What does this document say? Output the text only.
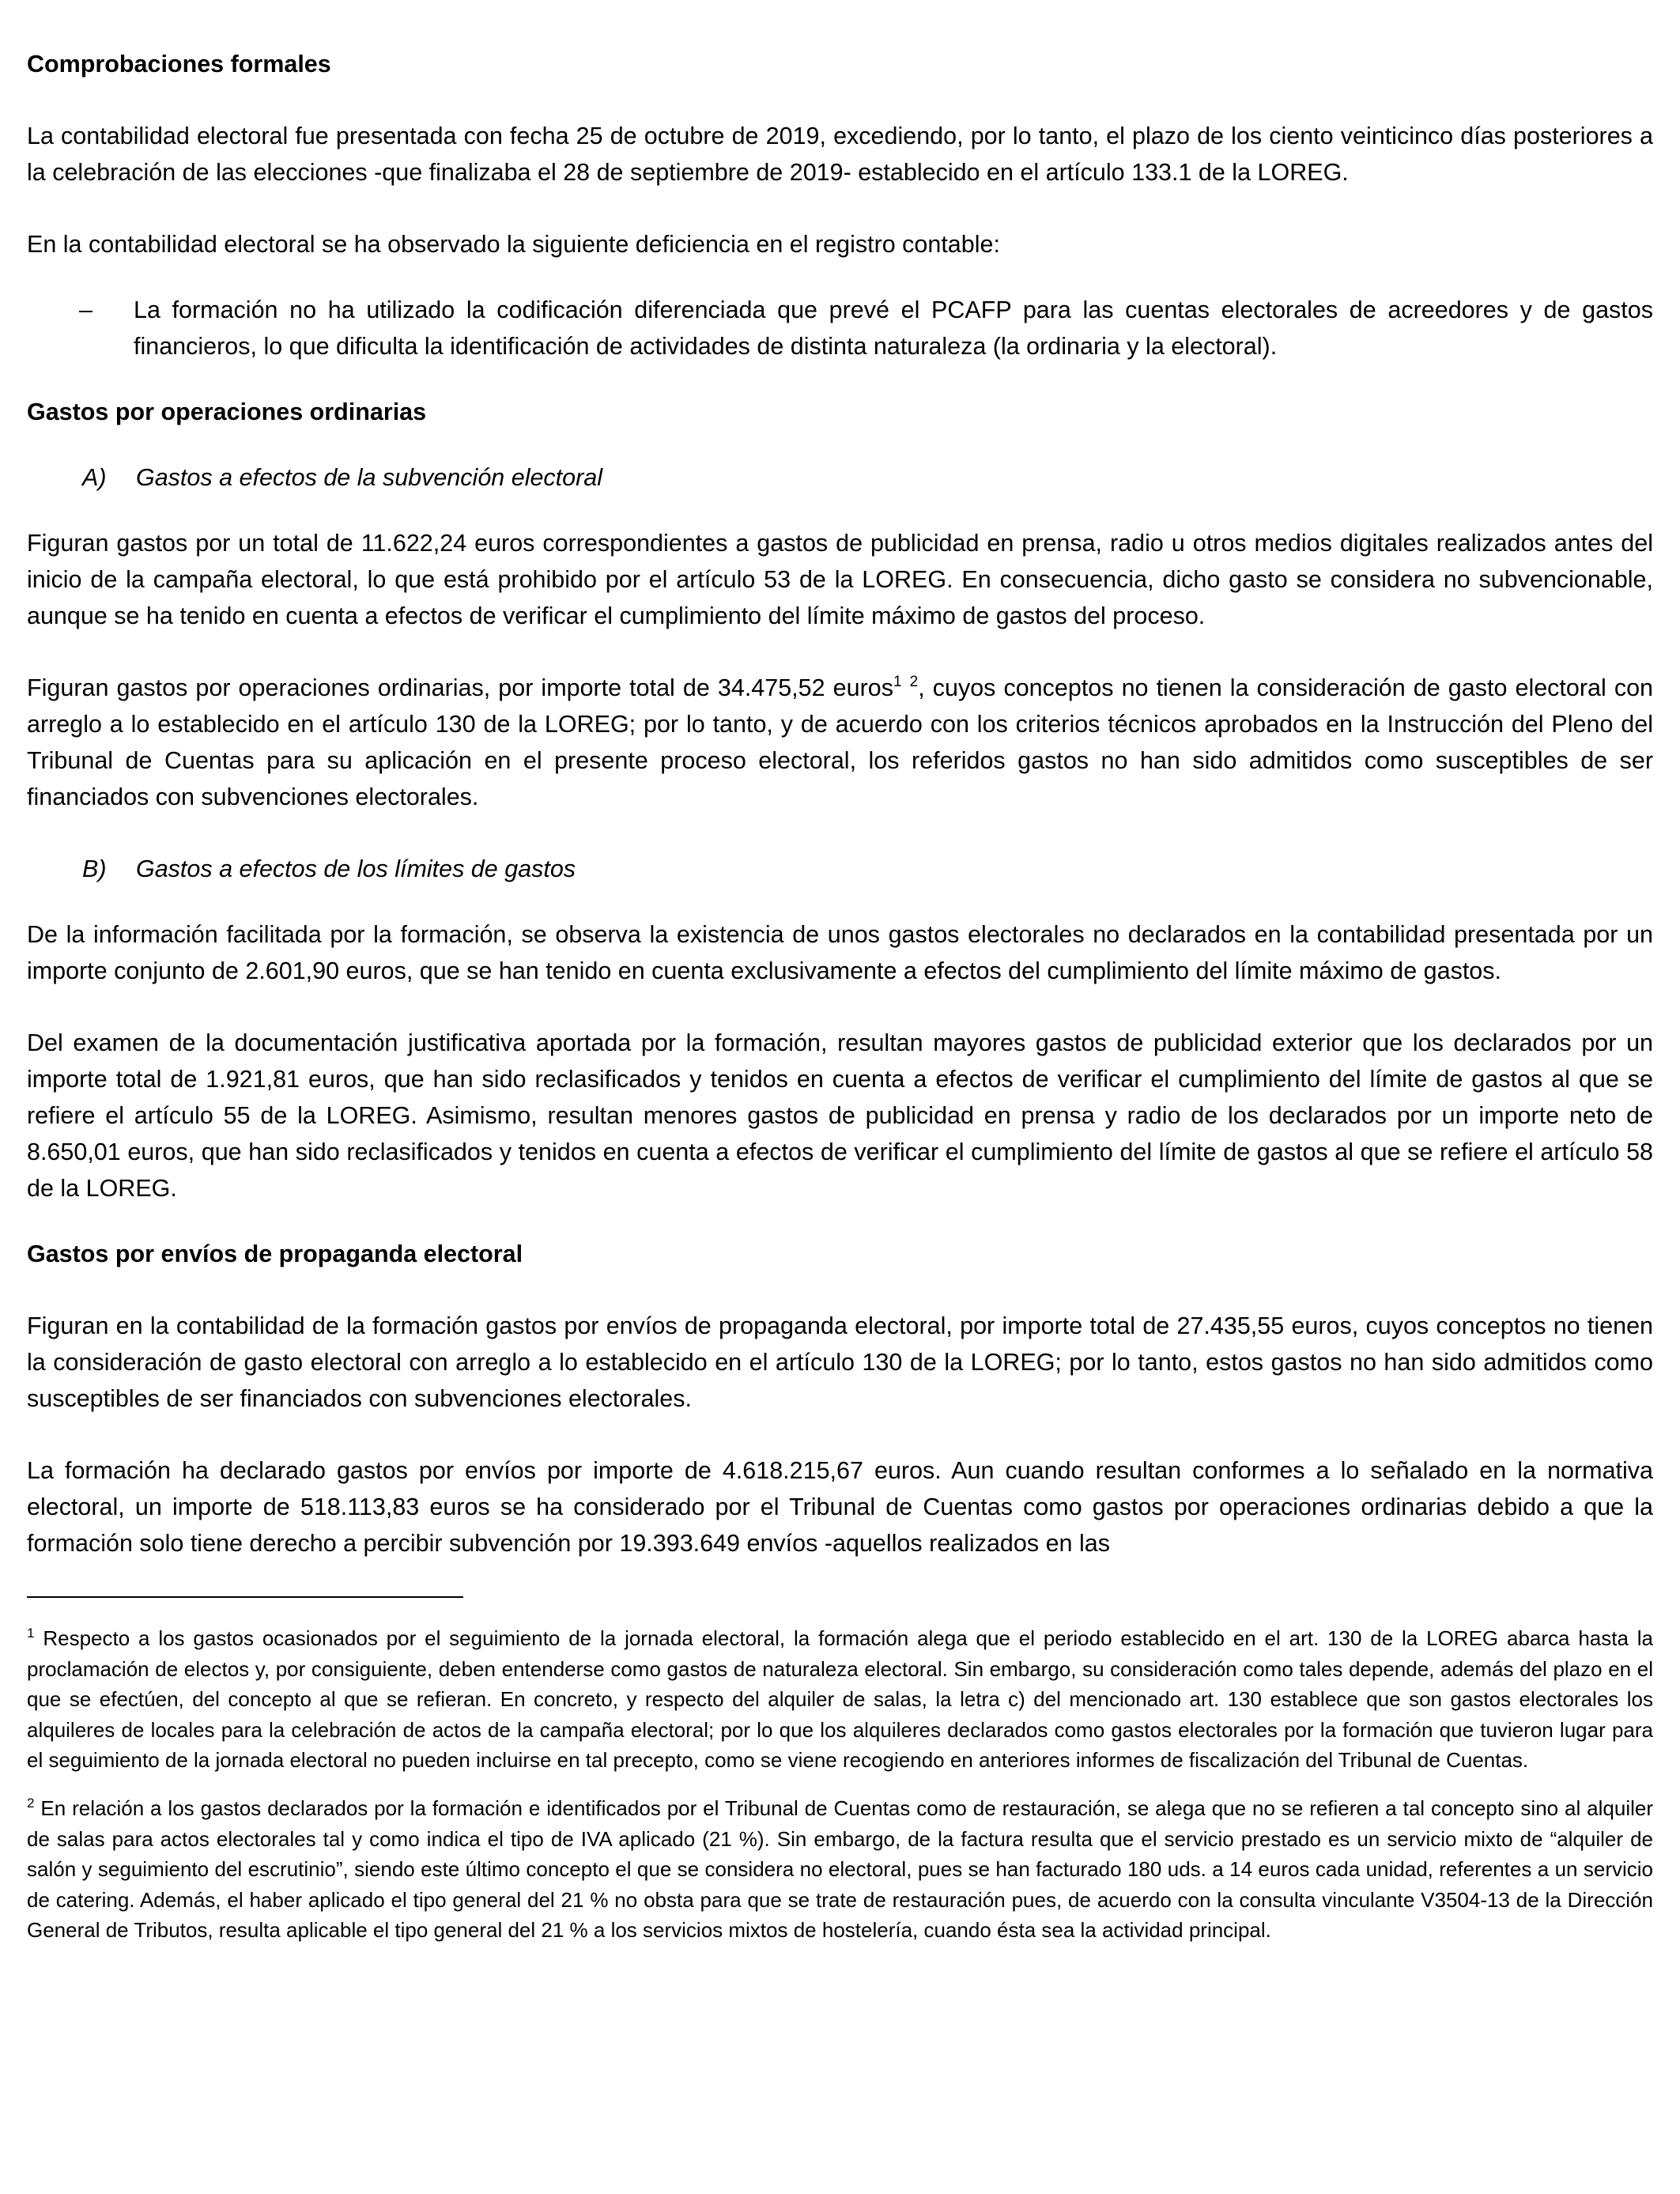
Comprobaciones formales

La contabilidad electoral fue presentada con fecha 25 de octubre de 2019, excediendo, por lo tanto, el plazo de los ciento veinticinco días posteriores a la celebración de las elecciones -que finalizaba el 28 de septiembre de 2019- establecido en el artículo 133.1 de la LOREG.

En la contabilidad electoral se ha observado la siguiente deficiencia en el registro contable:

– La formación no ha utilizado la codificación diferenciada que prevé el PCAFP para las cuentas electorales de acreedores y de gastos financieros, lo que dificulta la identificación de actividades de distinta naturaleza (la ordinaria y la electoral).

Gastos por operaciones ordinarias

A) Gastos a efectos de la subvención electoral

Figuran gastos por un total de 11.622,24 euros correspondientes a gastos de publicidad en prensa, radio u otros medios digitales realizados antes del inicio de la campaña electoral, lo que está prohibido por el artículo 53 de la LOREG. En consecuencia, dicho gasto se considera no subvencionable, aunque se ha tenido en cuenta a efectos de verificar el cumplimiento del límite máximo de gastos del proceso.

Figuran gastos por operaciones ordinarias, por importe total de 34.475,52 euros$^1$ $^2$, cuyos conceptos no tienen la consideración de gasto electoral con arreglo a lo establecido en el artículo 130 de la LOREG; por lo tanto, y de acuerdo con los criterios técnicos aprobados en la Instrucción del Pleno del Tribunal de Cuentas para su aplicación en el presente proceso electoral, los referidos gastos no han sido admitidos como susceptibles de ser financiados con subvenciones electorales.

B) Gastos a efectos de los límites de gastos

De la información facilitada por la formación, se observa la existencia de unos gastos electorales no declarados en la contabilidad presentada por un importe conjunto de 2.601,90 euros, que se han tenido en cuenta exclusivamente a efectos del cumplimiento del límite máximo de gastos.

Del examen de la documentación justificativa aportada por la formación, resultan mayores gastos de publicidad exterior que los declarados por un importe total de 1.921,81 euros, que han sido reclasificados y tenidos en cuenta a efectos de verificar el cumplimiento del límite de gastos al que se refiere el artículo 55 de la LOREG. Asimismo, resultan menores gastos de publicidad en prensa y radio de los declarados por un importe neto de 8.650,01 euros, que han sido reclasificados y tenidos en cuenta a efectos de verificar el cumplimiento del límite de gastos al que se refiere el artículo 58 de la LOREG.

Gastos por envíos de propaganda electoral

Figuran en la contabilidad de la formación gastos por envíos de propaganda electoral, por importe total de 27.435,55 euros, cuyos conceptos no tienen la consideración de gasto electoral con arreglo a lo establecido en el artículo 130 de la LOREG; por lo tanto, estos gastos no han sido admitidos como susceptibles de ser financiados con subvenciones electorales.

La formación ha declarado gastos por envíos por importe de 4.618.215,67 euros. Aun cuando resultan conformes a lo señalado en la normativa electoral, un importe de 518.113,83 euros se ha considerado por el Tribunal de Cuentas como gastos por operaciones ordinarias debido a que la formación solo tiene derecho a percibir subvención por 19.393.649 envíos -aquellos realizados en las

$^1$ Respecto a los gastos ocasionados por el seguimiento de la jornada electoral, la formación alega que el periodo establecido en el art. 130 de la LOREG abarca hasta la proclamación de electos y, por consiguiente, deben entenderse como gastos de naturaleza electoral. Sin embargo, su consideración como tales depende, además del plazo en el que se efectúen, del concepto al que se refieran. En concreto, y respecto del alquiler de salas, la letra c) del mencionado art. 130 establece que son gastos electorales los alquileres de locales para la celebración de actos de la campaña electoral; por lo que los alquileres declarados como gastos electorales por la formación que tuvieron lugar para el seguimiento de la jornada electoral no pueden incluirse en tal precepto, como se viene recogiendo en anteriores informes de fiscalización del Tribunal de Cuentas.

$^2$ En relación a los gastos declarados por la formación e identificados por el Tribunal de Cuentas como de restauración, se alega que no se refieren a tal concepto sino al alquiler de salas para actos electorales tal y como indica el tipo de IVA aplicado (21 %). Sin embargo, de la factura resulta que el servicio prestado es un servicio mixto de “alquiler de salón y seguimiento del escrutinio”, siendo este último concepto el que se considera no electoral, pues se han facturado 180 uds. a 14 euros cada unidad, referentes a un servicio de catering. Además, el haber aplicado el tipo general del 21 % no obsta para que se trate de restauración pues, de acuerdo con la consulta vinculante V3504-13 de la Dirección General de Tributos, resulta aplicable el tipo general del 21 % a los servicios mixtos de hostelería, cuando ésta sea la actividad principal.
